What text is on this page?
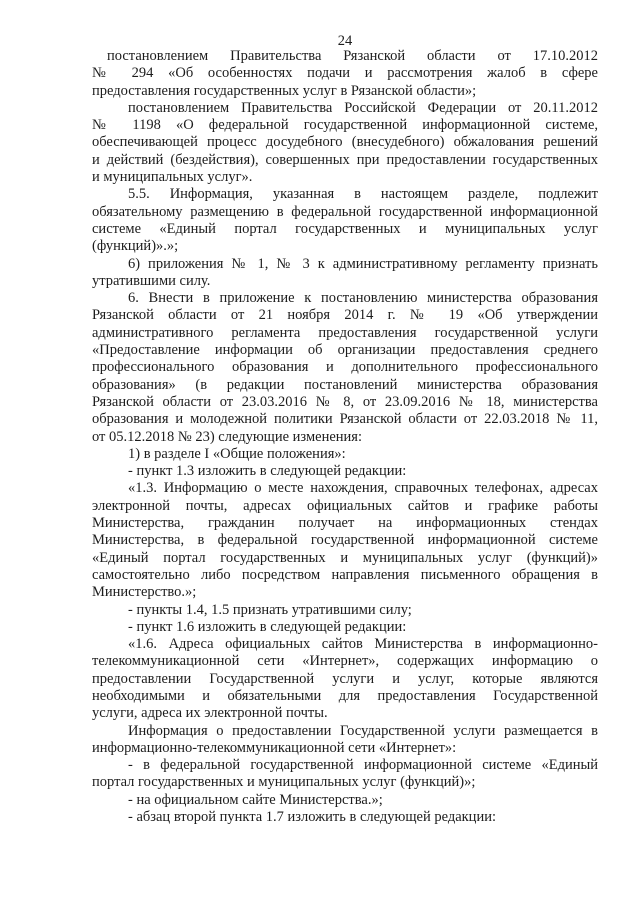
24
постановлением Правительства Рязанской области от 17.10.2012
№ 294 «Об особенностях подачи и рассмотрения жалоб в сфере
предоставления государственных услуг в Рязанской области»;
постановлением Правительства Российской Федерации от 20.11.2012
№ 1198 «О федеральной государственной информационной системе,
обеспечивающей процесс досудебного (внесудебного) обжалования решений
и действий (бездействия), совершенных при предоставлении государственных
и муниципальных услуг».
5.5. Информация, указанная в настоящем разделе, подлежит
обязательному размещению в федеральной государственной информационной
системе «Единый портал государственных и муниципальных услуг
(функций)».»;
6) приложения № 1, № 3 к административному регламенту признать
утратившими силу.
6. Внести в приложение к постановлению министерства образования
Рязанской области от 21 ноября 2014 г. № 19 «Об утверждении
административного регламента предоставления государственной услуги
«Предоставление информации об организации предоставления среднего
профессионального образования и дополнительного профессионального
образования» (в редакции постановлений министерства образования
Рязанской области от 23.03.2016 № 8, от 23.09.2016 № 18, министерства
образования и молодежной политики Рязанской области от 22.03.2018 № 11,
от 05.12.2018 № 23) следующие изменения:
1) в разделе I «Общие положения»:
- пункт 1.3 изложить в следующей редакции:
«1.3. Информацию о месте нахождения, справочных телефонах, адресах
электронной почты, адресах официальных сайтов и графике работы
Министерства, гражданин получает на информационных стендах
Министерства, в федеральной государственной информационной системе
«Единый портал государственных и муниципальных услуг (функций)»
самостоятельно либо посредством направления письменного обращения в
Министерство.»;
- пункты 1.4, 1.5 признать утратившими силу;
- пункт 1.6 изложить в следующей редакции:
«1.6. Адреса официальных сайтов Министерства в информационно-
телекоммуникационной сети «Интернет», содержащих информацию о
предоставлении Государственной услуги и услуг, которые являются
необходимыми и обязательными для предоставления Государственной
услуги, адреса их электронной почты.
Информация о предоставлении Государственной услуги размещается в
информационно-телекоммуникационной сети «Интернет»:
- в федеральной государственной информационной системе «Единый
портал государственных и муниципальных услуг (функций)»;
- на официальном сайте Министерства.»;
- абзац второй пункта 1.7 изложить в следующей редакции:
